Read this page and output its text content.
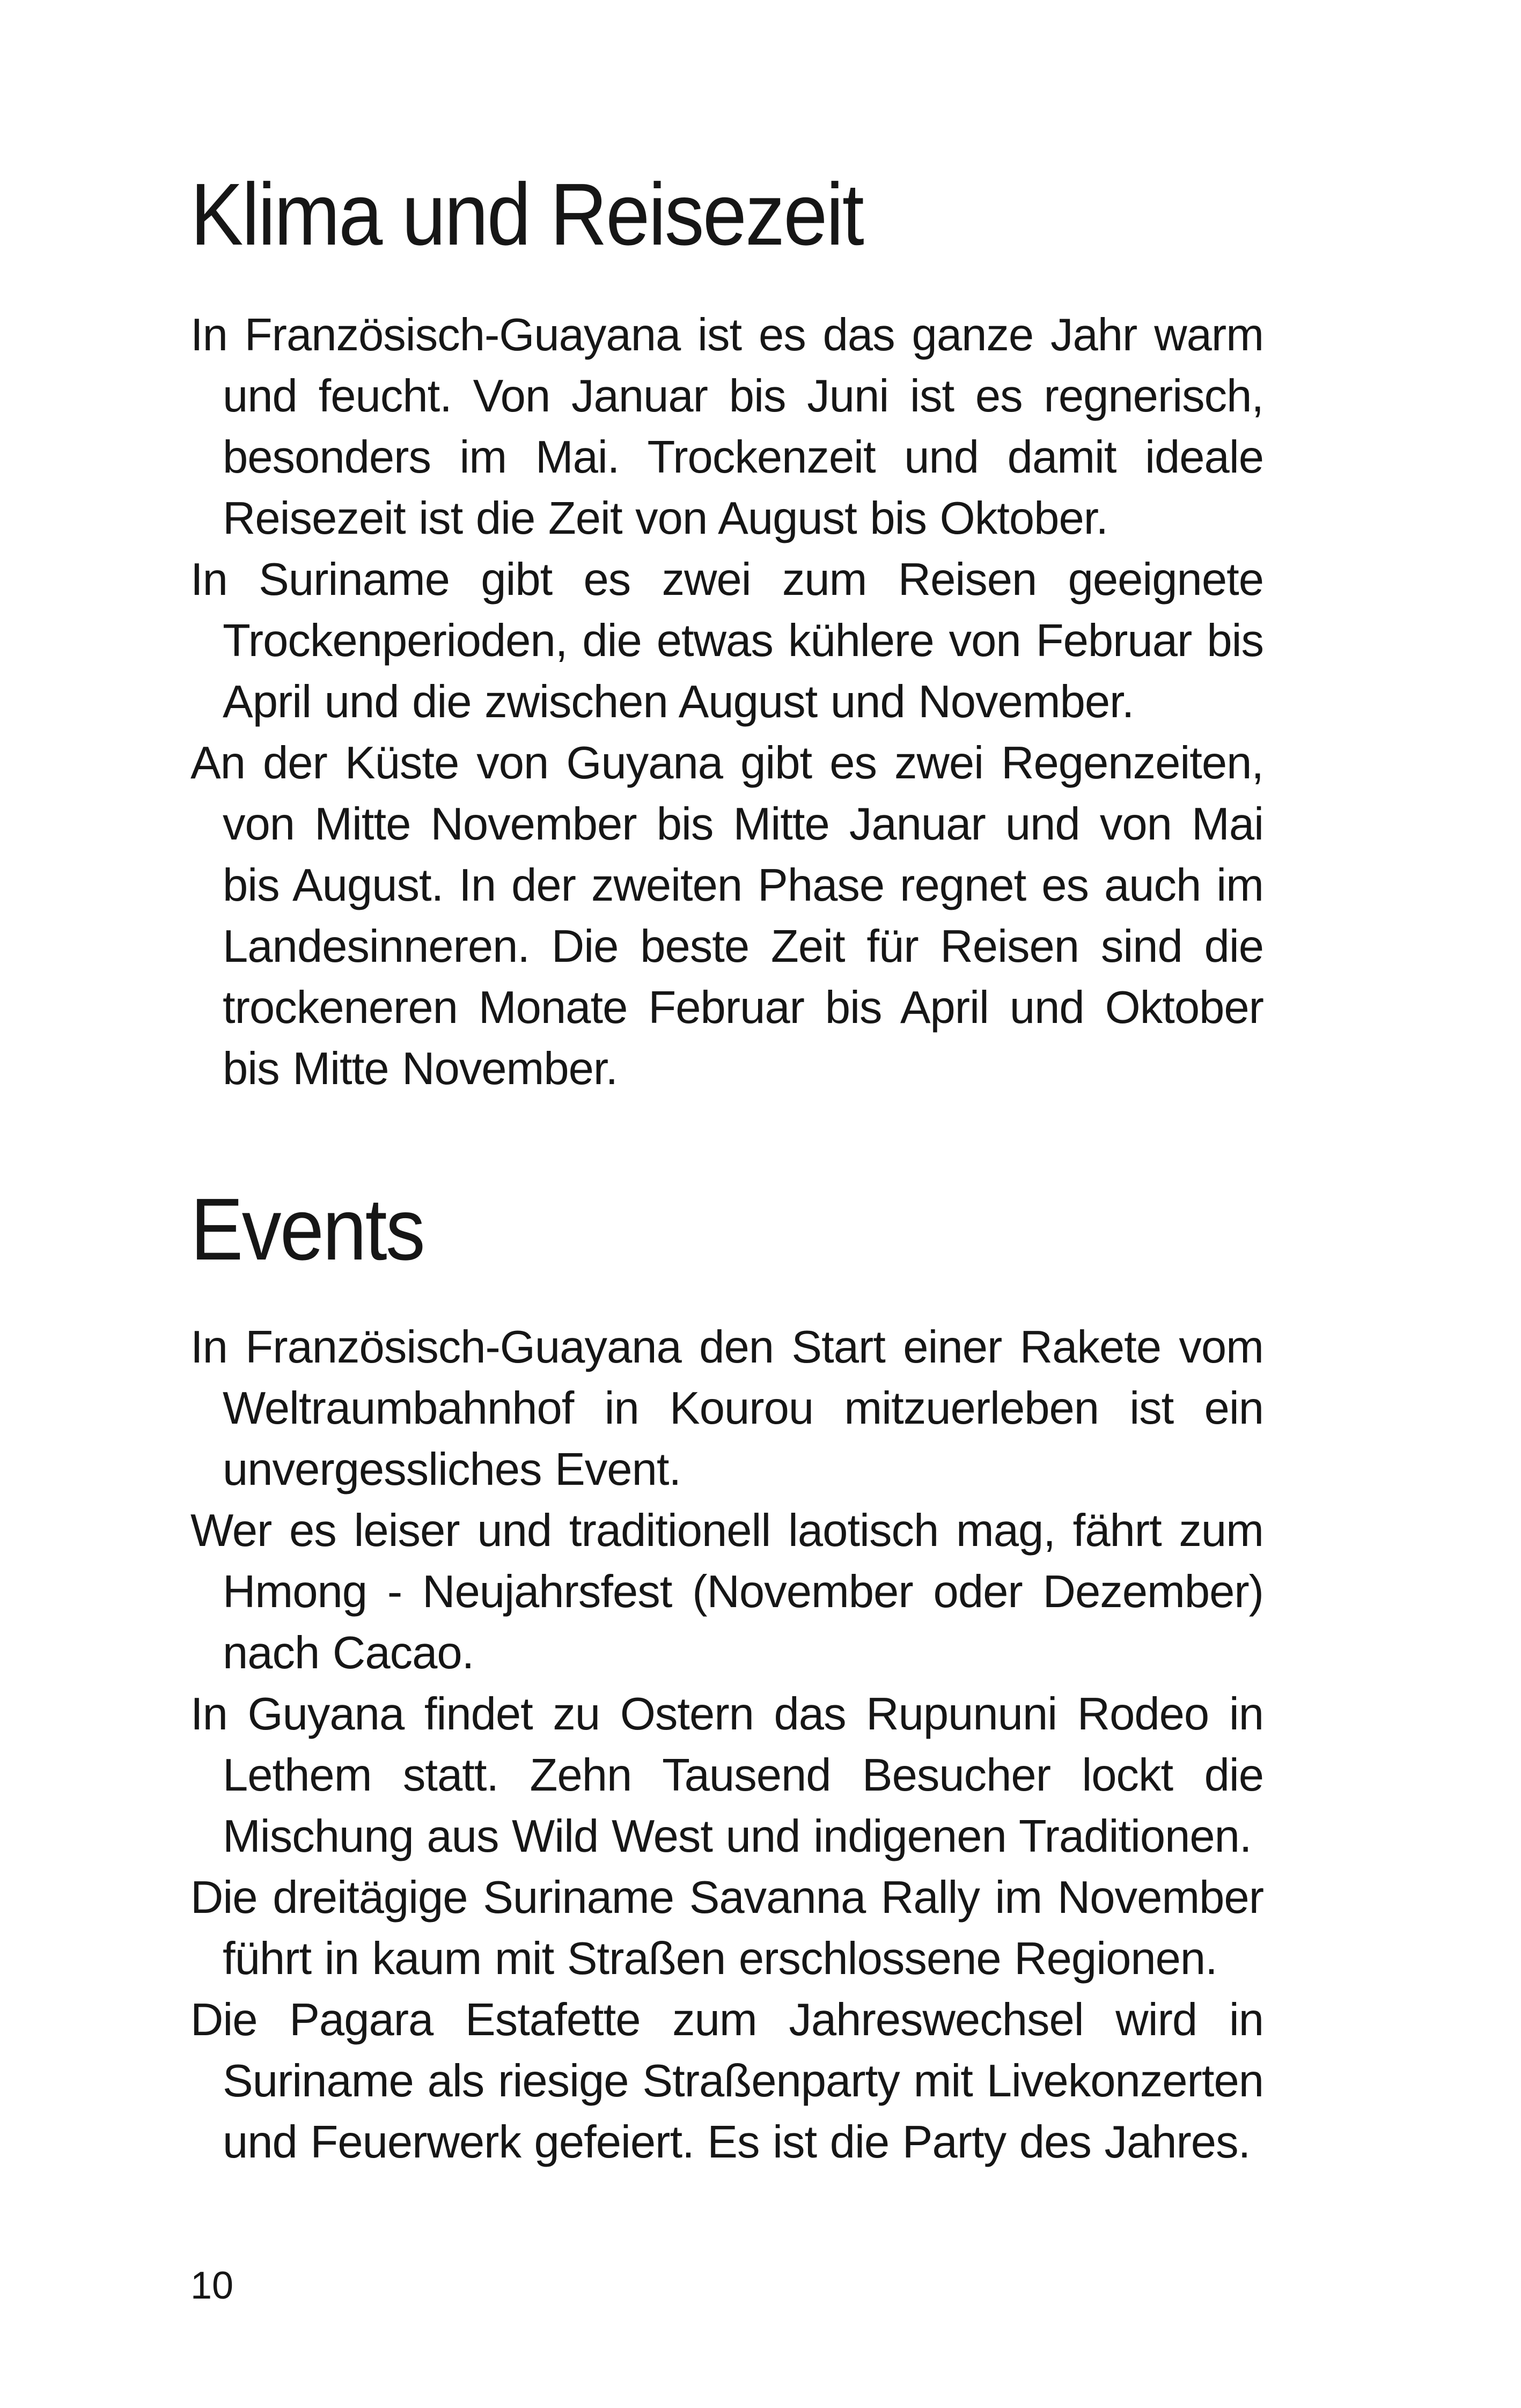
Klima und Reisezeit

In Französisch-Guayana ist es das ganze Jahr warm und feucht. Von Januar bis Juni ist es regnerisch, besonders im Mai. Trockenzeit und damit ideale Reisezeit ist die Zeit von August bis Oktober.

In Suriname gibt es zwei zum Reisen geeignete Trockenperioden, die etwas kühlere von Februar bis April und die zwischen August und November.

An der Küste von Guyana gibt es zwei Regenzeiten, von Mitte November bis Mitte Januar und von Mai bis August. In der zweiten Phase regnet es auch im Landesinneren. Die beste Zeit für Reisen sind die trockeneren Monate Februar bis April und Oktober bis Mitte November.

Events

In Französisch-Guayana den Start einer Rakete vom Weltraumbahnhof in Kourou mitzuerleben ist ein unvergessliches Event.

Wer es leiser und traditionell laotisch mag, fährt zum Hmong - Neujahrsfest (November oder Dezember) nach Cacao.

In Guyana findet zu Ostern das Rupununi Rodeo in Lethem statt. Zehn Tausend Besucher lockt die Mischung aus Wild West und indigenen Traditionen.

Die dreitägige Suriname Savanna Rally im November führt in kaum mit Straßen erschlossene Regionen.

Die Pagara Estafette zum Jahreswechsel wird in Suriname als riesige Straßenparty mit Livekonzerten und Feuerwerk gefeiert. Es ist die Party des Jahres.

10
